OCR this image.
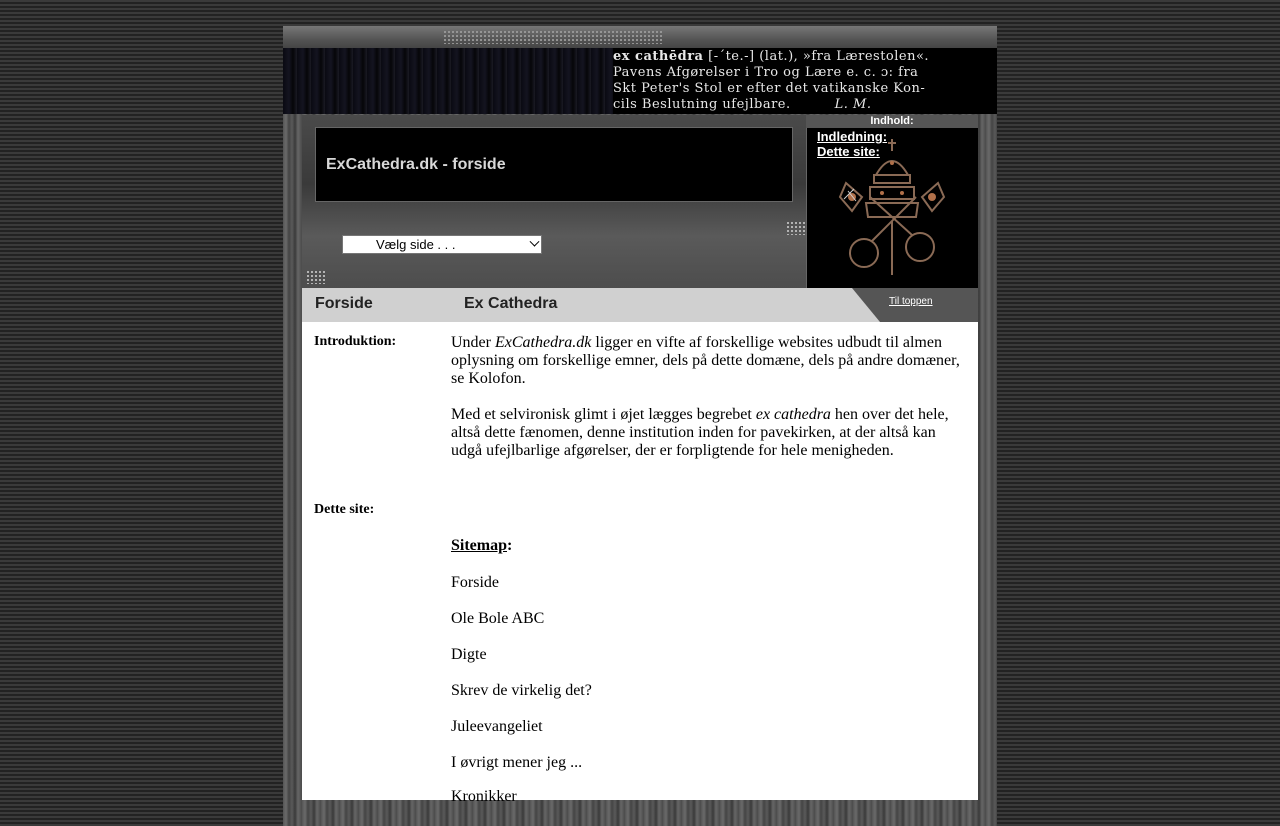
ex cathēdra [-ˊte.-] (lat.), »fra Lærestolen«.
Pavens Afgørelser i Tro og Lære e. c. ɔ: fra
Skt Peter's Stol er efter det vatikanske Kon-
cils Beslutning ufejlbare.	L. M.
ExCathedra.dk - forside
Vælg side . . .
Indhold:
Indledning:
Dette site:
Forside	Ex Cathedra	Til toppen
Introduktion:	Under ExCathedra.dk ligger en vifte af forskellige websites udbudt til almen oplysning om forskellige emner, dels på dette domæne, dels på andre domæner, se Kolofon.

Med et selvironisk glimt i øjet lægges begrebet ex cathedra hen over det hele, altså dette fænomen, denne institution inden for pavekirken, at der altså kan udgå ufejlbarlige afgørelser, der er forpligtende for hele menigheden.

Dette site:
Sitemap:
Forside
Ole Bole ABC
Digte
Skrev de virkelig det?
Juleevangeliet
I øvrigt mener jeg ...
Kronikker
